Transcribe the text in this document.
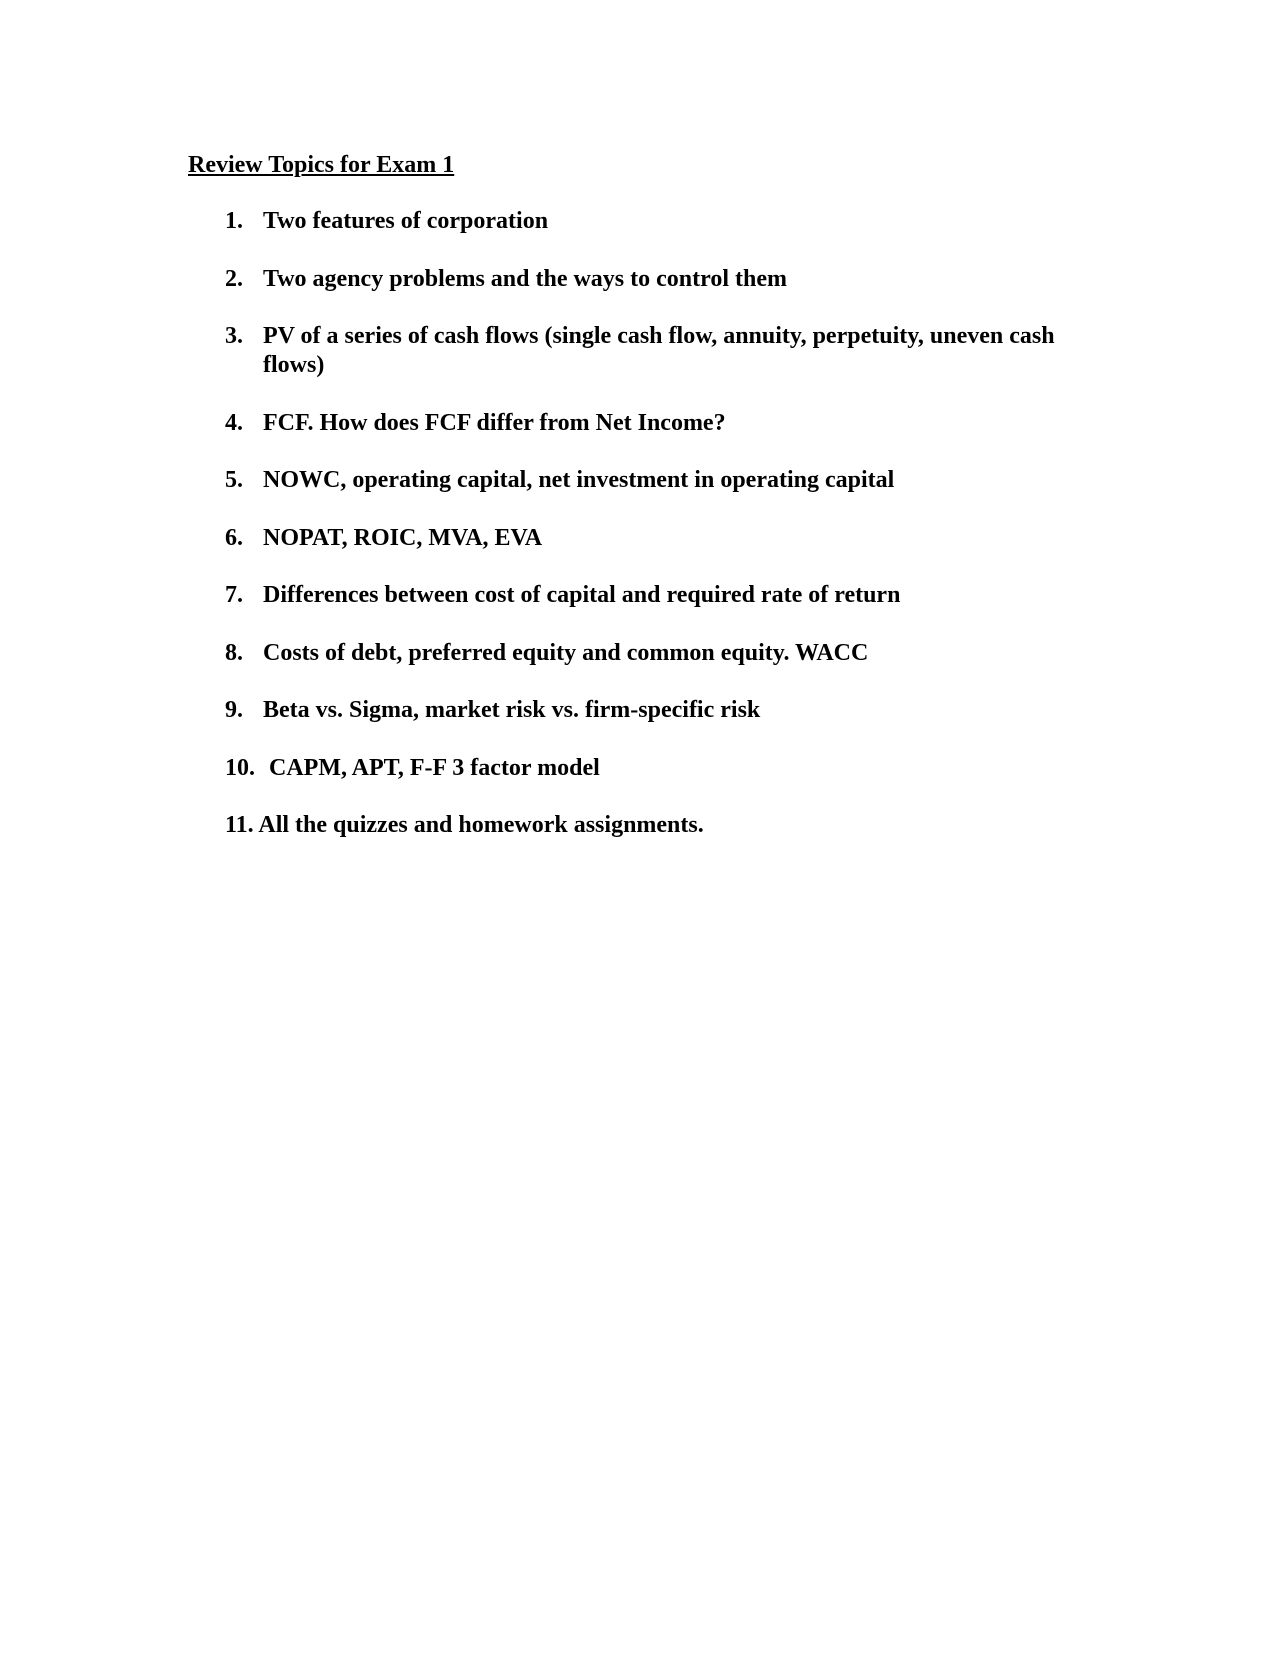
Review Topics for Exam 1
1. Two features of corporation
2. Two agency problems and the ways to control them
3. PV of a series of cash flows (single cash flow, annuity, perpetuity, uneven cash flows)
4. FCF. How does FCF differ from Net Income?
5. NOWC, operating capital, net investment in operating capital
6. NOPAT, ROIC, MVA, EVA
7. Differences between cost of capital and required rate of return
8. Costs of debt, preferred equity and common equity. WACC
9. Beta vs. Sigma, market risk vs. firm-specific risk
10. CAPM, APT, F-F 3 factor model
11. All the quizzes and homework assignments.
